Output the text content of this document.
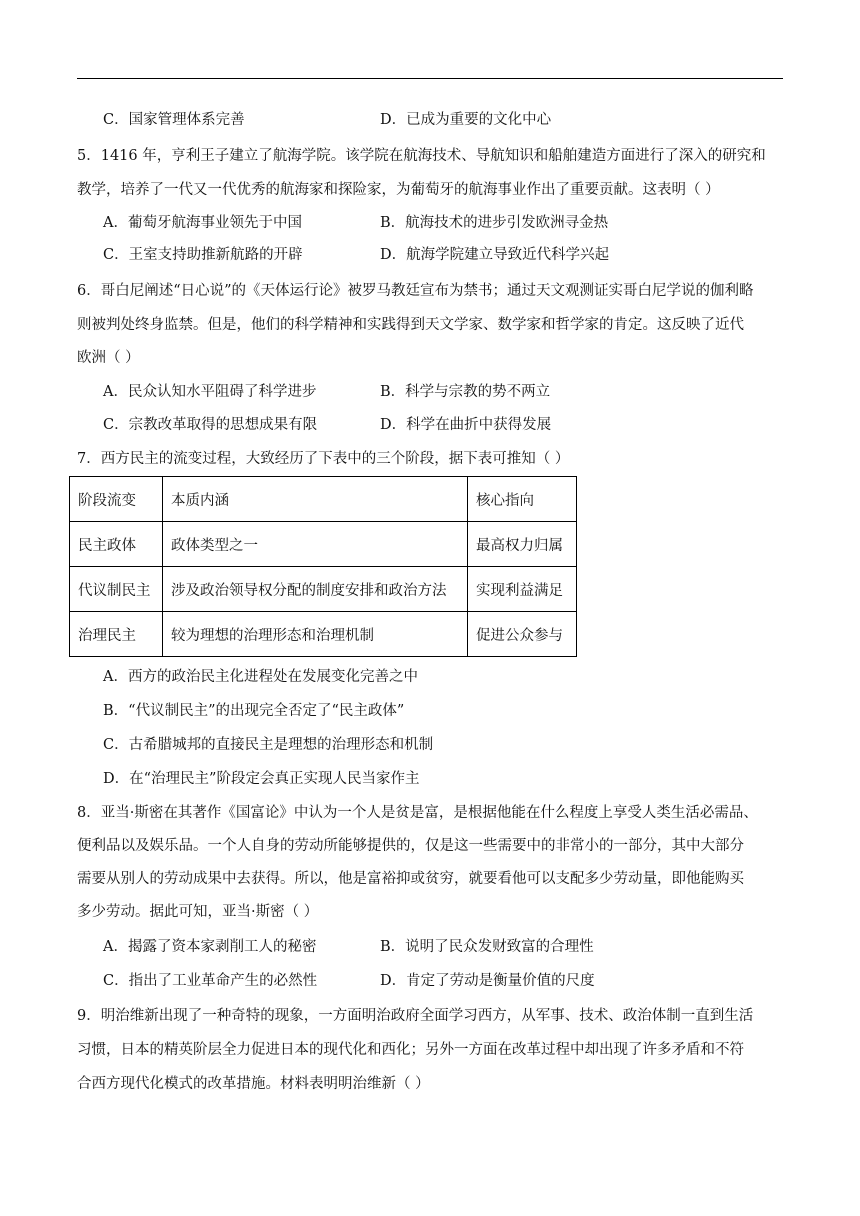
C．国家管理体系完善	D．已成为重要的文化中心
5．1416 年，亨利王子建立了航海学院。该学院在航海技术、导航知识和船舶建造方面进行了深入的研究和
教学，培养了一代又一代优秀的航海家和探险家，为葡萄牙的航海事业作出了重要贡献。这表明（ ）
A．葡萄牙航海事业领先于中国	B．航海技术的进步引发欧洲寻金热
C．王室支持助推新航路的开辟	D．航海学院建立导致近代科学兴起
6．哥白尼阐述“日心说”的《天体运行论》被罗马教廷宣布为禁书；通过天文观测证实哥白尼学说的伽利略
则被判处终身监禁。但是，他们的科学精神和实践得到天文学家、数学家和哲学家的肯定。这反映了近代
欧洲（ ）
A．民众认知水平阻碍了科学进步	B．科学与宗教的势不两立
C．宗教改革取得的思想成果有限	D．科学在曲折中获得发展
7．西方民主的流变过程，大致经历了下表中的三个阶段，据下表可推知（ ）
阶段流变	本质内涵	核心指向
民主政体	政体类型之一	最高权力归属
代议制民主	涉及政治领导权分配的制度安排和政治方法	实现利益满足
治理民主	较为理想的治理形态和治理机制	促进公众参与
A．西方的政治民主化进程处在发展变化完善之中
B．“代议制民主”的出现完全否定了“民主政体”
C．古希腊城邦的直接民主是理想的治理形态和机制
D．在“治理民主”阶段定会真正实现人民当家作主
8．亚当·斯密在其著作《国富论》中认为一个人是贫是富，是根据他能在什么程度上享受人类生活必需品、
便利品以及娱乐品。一个人自身的劳动所能够提供的，仅是这一些需要中的非常小的一部分，其中大部分
需要从别人的劳动成果中去获得。所以，他是富裕抑或贫穷，就要看他可以支配多少劳动量，即他能购买
多少劳动。据此可知，亚当·斯密（ ）
A．揭露了资本家剥削工人的秘密	B．说明了民众发财致富的合理性
C．指出了工业革命产生的必然性	D．肯定了劳动是衡量价值的尺度
9．明治维新出现了一种奇特的现象，一方面明治政府全面学习西方，从军事、技术、政治体制一直到生活
习惯，日本的精英阶层全力促进日本的现代化和西化；另外一方面在改革过程中却出现了许多矛盾和不符
合西方现代化模式的改革措施。材料表明明治维新（ ）
